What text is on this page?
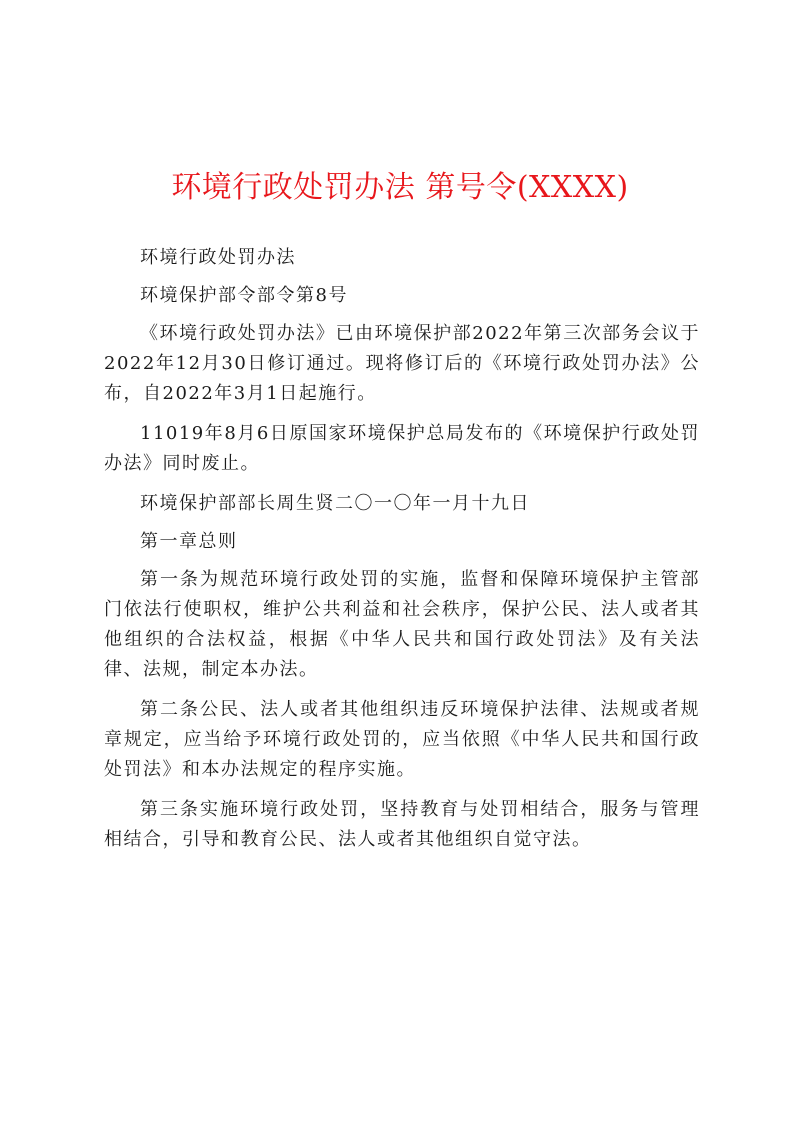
环境行政处罚办法 第号令(XXXX)

环境行政处罚办法

环境保护部令部令第8号

《环境行政处罚办法》已由环境保护部2022年第三次部务会议于2022年12月30日修订通过。现将修订后的《环境行政处罚办法》公布，自2022年3月1日起施行。

11019年8月6日原国家环境保护总局发布的《环境保护行政处罚办法》同时废止。

环境保护部部长周生贤二〇一〇年一月十九日

第一章总则

第一条为规范环境行政处罚的实施，监督和保障环境保护主管部门依法行使职权，维护公共利益和社会秩序，保护公民、法人或者其他组织的合法权益，根据《中华人民共和国行政处罚法》及有关法律、法规，制定本办法。

第二条公民、法人或者其他组织违反环境保护法律、法规或者规章规定，应当给予环境行政处罚的，应当依照《中华人民共和国行政处罚法》和本办法规定的程序实施。

第三条实施环境行政处罚，坚持教育与处罚相结合，服务与管理相结合，引导和教育公民、法人或者其他组织自觉守法。
